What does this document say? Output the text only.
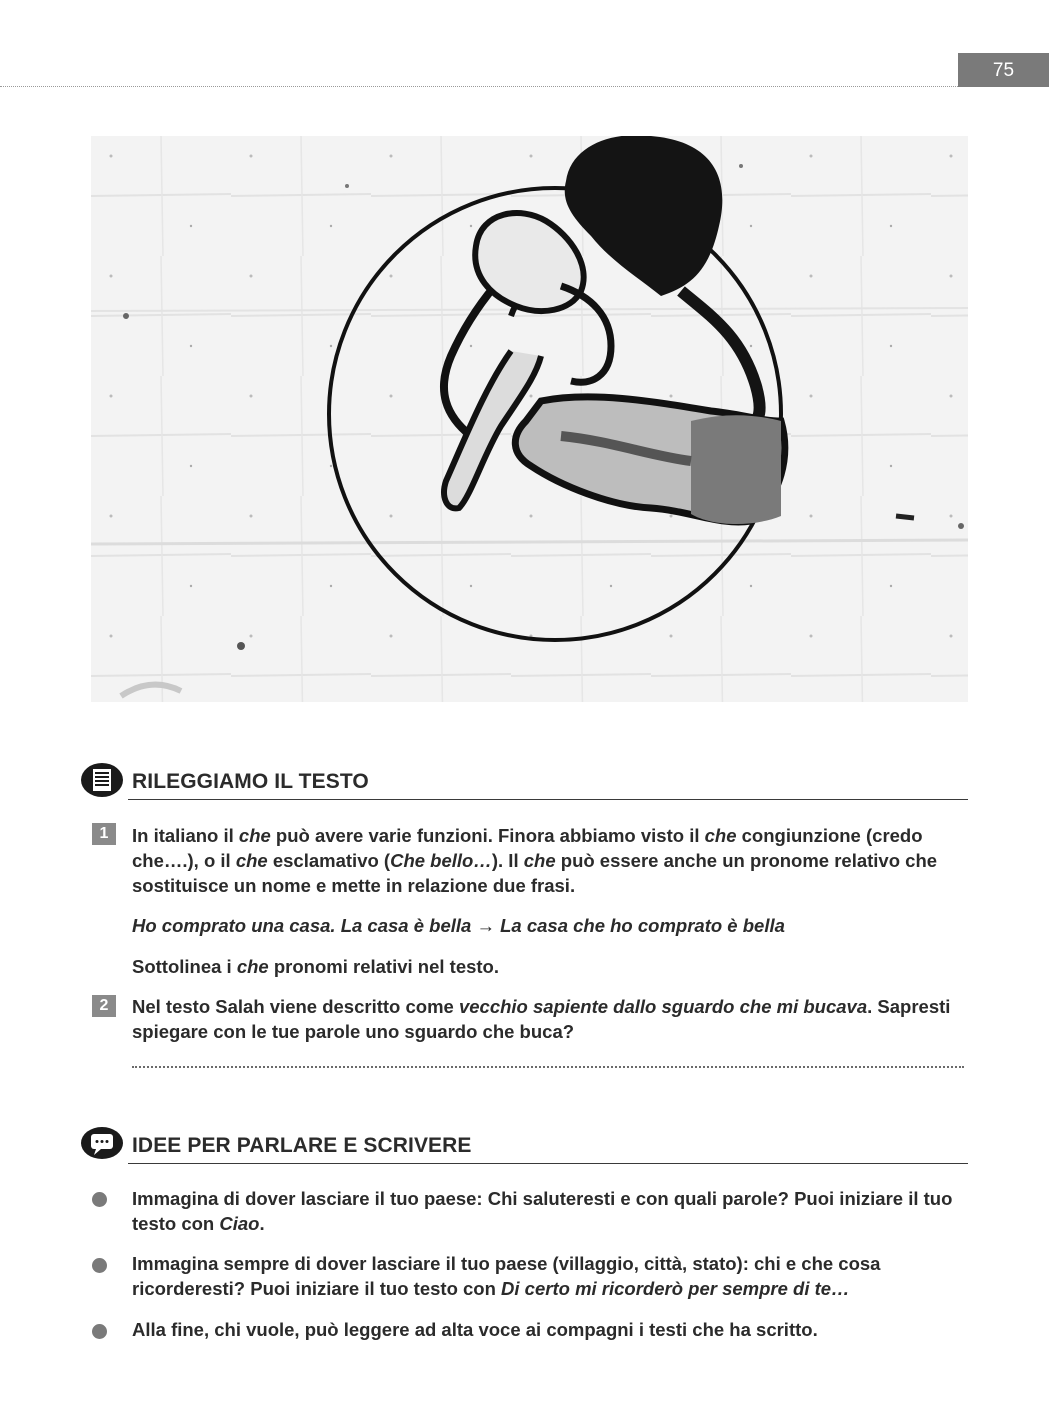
75
RILEGGIAMO IL TESTO
1	In italiano il che può avere varie funzioni. Finora abbiamo visto il che congiunzione (credo che….), o il che esclamativo (Che bello…). Il che può essere anche un pronome relativo che sostituisce un nome e mette in relazione due frasi.
Ho comprato una casa. La casa è bella → La casa che ho comprato è bella
Sottolinea i che pronomi relativi nel testo.
2	Nel testo Salah viene descritto come vecchio sapiente dallo sguardo che mi bucava. Sapresti spiegare con le tue parole uno sguardo che buca?
IDEE PER PARLARE E SCRIVERE
Immagina di dover lasciare il tuo paese: Chi saluteresti e con quali parole? Puoi iniziare il tuo testo con Ciao.
Immagina sempre di dover lasciare il tuo paese (villaggio, città, stato): chi e che cosa ricorderesti? Puoi iniziare il tuo testo con Di certo mi ricorderò per sempre di te…
Alla fine, chi vuole, può leggere ad alta voce ai compagni i testi che ha scritto.
